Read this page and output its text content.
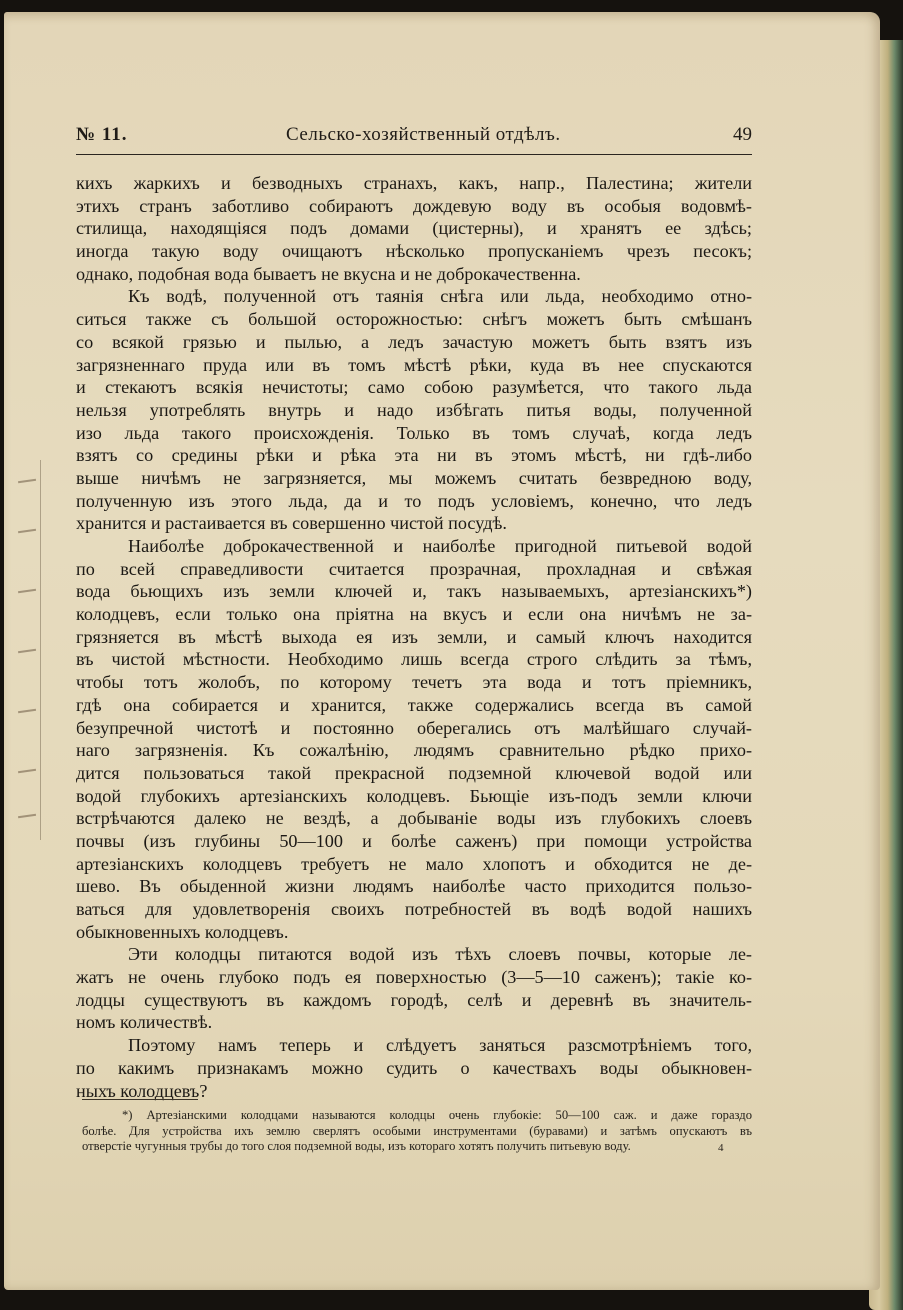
№ 11.	Сельско-хозяйственный отдѣлъ.	49
кихъ жаркихъ и безводныхъ странахъ, какъ, напр., Палестина; жители
этихъ странъ заботливо собираютъ дождевую воду въ особыя водовмѣ-
стилища, находящіяся подъ домами (цистерны), и хранятъ ее здѣсь;
иногда такую воду очищаютъ нѣсколько пропусканіемъ чрезъ песокъ;
однако, подобная вода бываетъ не вкусна и не доброкачественна.
Къ водѣ, полученной отъ таянія снѣга или льда, необходимо отно-
ситься также съ большой осторожностью: снѣгъ можетъ быть смѣшанъ
со всякой грязью и пылью, а ледъ зачастую можетъ быть взятъ изъ
загрязненнаго пруда или въ томъ мѣстѣ рѣки, куда въ нее спускаются
и стекаютъ всякія нечистоты; само собою разумѣется, что такого льда
нельзя употреблять внутрь и надо избѣгать питья воды, полученной
изо льда такого происхожденія. Только въ томъ случаѣ, когда ледъ
взятъ со средины рѣки и рѣка эта ни въ этомъ мѣстѣ, ни гдѣ-либо
выше ничѣмъ не загрязняется, мы можемъ считать безвредною воду,
полученную изъ этого льда, да и то подъ условіемъ, конечно, что ледъ
хранится и растаивается въ совершенно чистой посудѣ.
Наиболѣе доброкачественной и наиболѣе пригодной питьевой водой
по всей справедливости считается прозрачная, прохладная и свѣжая
вода бьющихъ изъ земли ключей и, такъ называемыхъ, артезіанскихъ*)
колодцевъ, если только она пріятна на вкусъ и если она ничѣмъ не за-
грязняется въ мѣстѣ выхода ея изъ земли, и самый ключъ находится
въ чистой мѣстности. Необходимо лишь всегда строго слѣдить за тѣмъ,
чтобы тотъ жолобъ, по которому течетъ эта вода и тотъ пріемникъ,
гдѣ она собирается и хранится, также содержались всегда въ самой
безупречной чистотѣ и постоянно оберегались отъ малѣйшаго случай-
наго загрязненія. Къ сожалѣнію, людямъ сравнительно рѣдко прихо-
дится пользоваться такой прекрасной подземной ключевой водой или
водой глубокихъ артезіанскихъ колодцевъ. Бьющіе изъ-подъ земли ключи
встрѣчаются далеко не вездѣ, а добываніе воды изъ глубокихъ слоевъ
почвы (изъ глубины 50—100 и болѣе саженъ) при помощи устройства
артезіанскихъ колодцевъ требуетъ не мало хлопотъ и обходится не де-
шево. Въ обыденной жизни людямъ наиболѣе часто приходится пользо-
ваться для удовлетворенія своихъ потребностей въ водѣ водой нашихъ
обыкновенныхъ колодцевъ.
Эти колодцы питаются водой изъ тѣхъ слоевъ почвы, которые ле-
жатъ не очень глубоко подъ ея поверхностью (3—5—10 саженъ); такіе ко-
лодцы существуютъ въ каждомъ городѣ, селѣ и деревнѣ въ значитель-
номъ количествѣ.
Поэтому намъ теперь и слѣдуетъ заняться разсмотрѣніемъ того,
по какимъ признакамъ можно судить о качествахъ воды обыкновен-
ныхъ колодцевъ?
*) Артезіанскими колодцами называются колодцы очень глубокіе: 50—100 саж. и даже гораздо
болѣе. Для устройства ихъ землю сверлятъ особыми инструментами (буравами) и затѣмъ опускаютъ въ
отверстіе чугунныя трубы до того слоя подземной воды, изъ котораго хотятъ получить питьевую воду.	4
